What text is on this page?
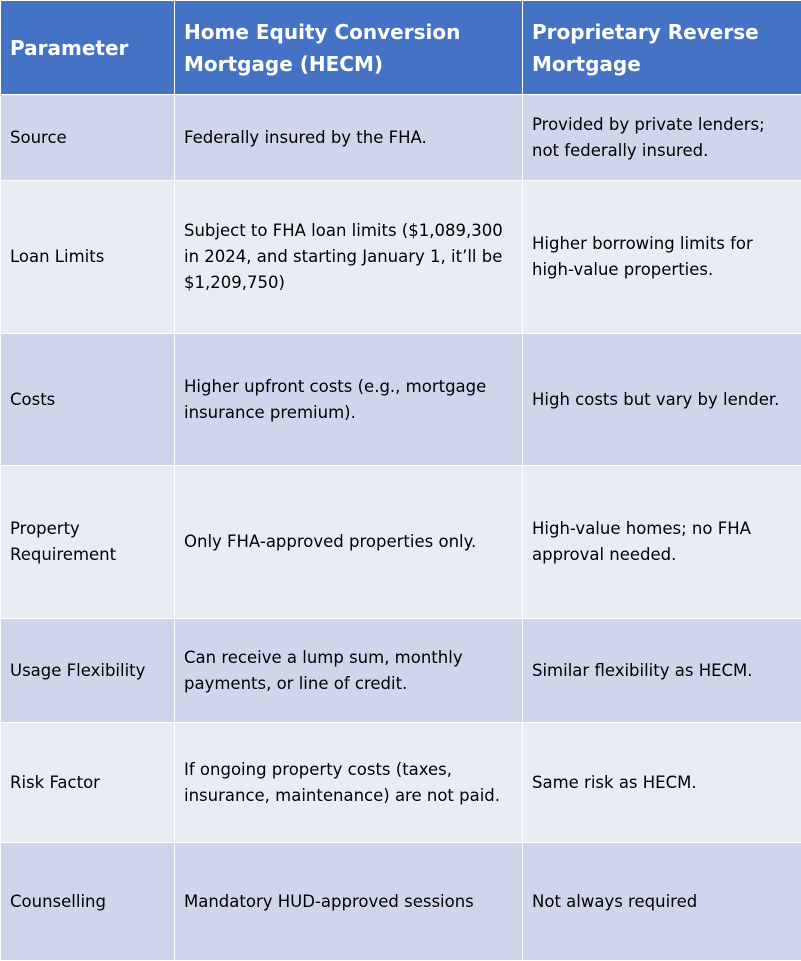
Parameter	Home Equity Conversion Mortgage (HECM)	Proprietary Reverse Mortgage
Source	Federally insured by the FHA.	Provided by private lenders; not federally insured.
Loan Limits	Subject to FHA loan limits ($1,089,300 in 2024, and starting January 1, it’ll be $1,209,750)	Higher borrowing limits for high-value properties.
Costs	Higher upfront costs (e.g., mortgage insurance premium).	High costs but vary by lender.
Property Requirement	Only FHA-approved properties only.	High-value homes; no FHA approval needed.
Usage Flexibility	Can receive a lump sum, monthly payments, or line of credit.	Similar flexibility as HECM.
Risk Factor	If ongoing property costs (taxes, insurance, maintenance) are not paid.	Same risk as HECM.
Counselling	Mandatory HUD-approved sessions	Not always required
